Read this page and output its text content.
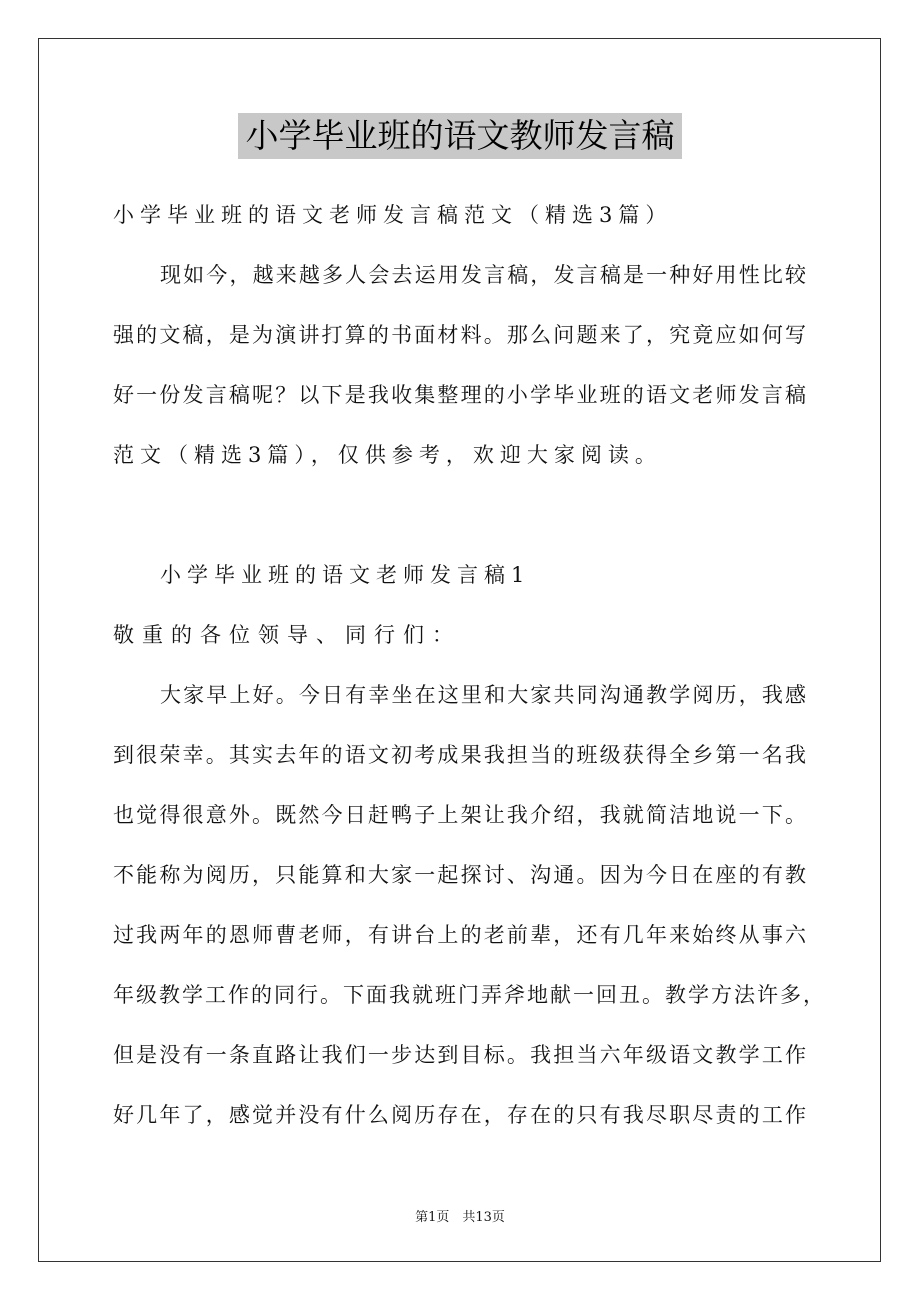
小学毕业班的语文教师发言稿
小学毕业班的语文老师发言稿范文（精选3篇）
现如今，越来越多人会去运用发言稿，发言稿是一种好用性比较
强的文稿，是为演讲打算的书面材料。那么问题来了，究竟应如何写
好一份发言稿呢？以下是我收集整理的小学毕业班的语文老师发言稿
范文（精选3篇），仅供参考，欢迎大家阅读。
小学毕业班的语文老师发言稿1
敬重的各位领导、同行们：
大家早上好。今日有幸坐在这里和大家共同沟通教学阅历，我感
到很荣幸。其实去年的语文初考成果我担当的班级获得全乡第一名我
也觉得很意外。既然今日赶鸭子上架让我介绍，我就简洁地说一下。
不能称为阅历，只能算和大家一起探讨、沟通。因为今日在座的有教
过我两年的恩师曹老师，有讲台上的老前辈，还有几年来始终从事六
年级教学工作的同行。下面我就班门弄斧地献一回丑。教学方法许多，
但是没有一条直路让我们一步达到目标。我担当六年级语文教学工作
好几年了，感觉并没有什么阅历存在，存在的只有我尽职尽责的工作
第1页　共13页
